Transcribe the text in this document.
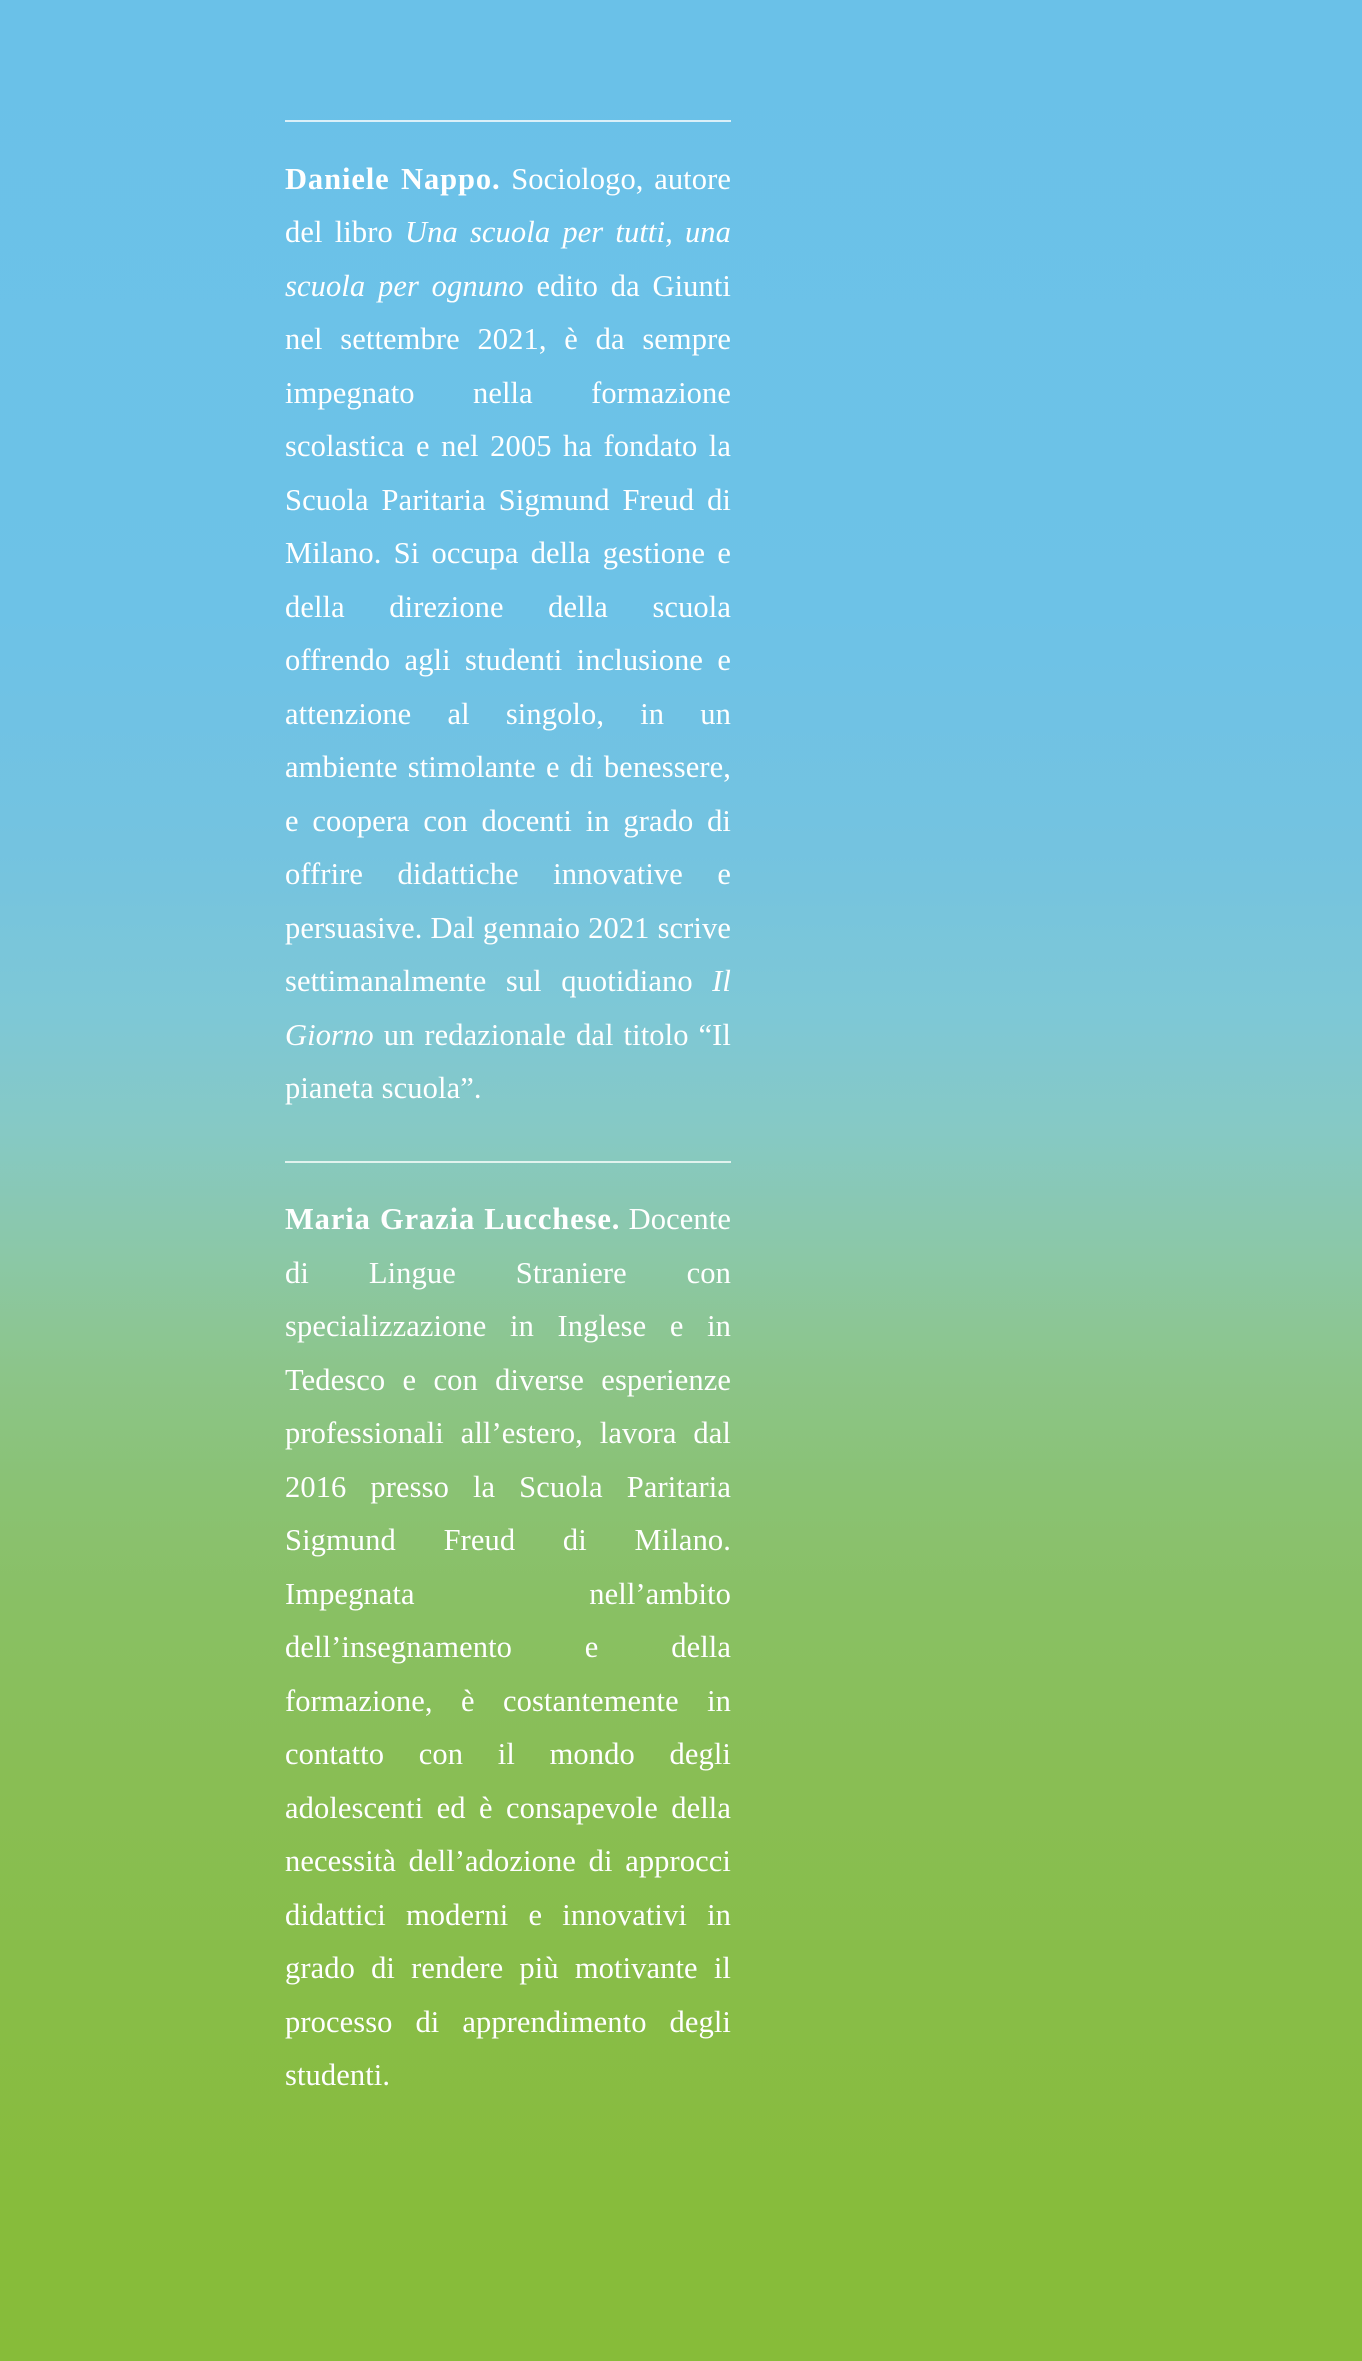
Daniele Nappo. Sociologo, autore del libro Una scuola per tutti, una scuola per ognuno edito da Giunti nel settembre 2021, è da sempre impegnato nella formazione scolastica e nel 2005 ha fondato la Scuola Paritaria Sigmund Freud di Milano. Si occupa della gestione e della direzione della scuola offrendo agli studenti inclusione e attenzione al singolo, in un ambiente stimolante e di benessere, e coopera con docenti in grado di offrire didattiche innovative e persuasive. Dal gennaio 2021 scrive settimanalmente sul quotidiano Il Giorno un redazionale dal titolo “Il pianeta scuola”.

Maria Grazia Lucchese. Docente di Lingue Straniere con specializzazione in Inglese e in Tedesco e con diverse esperienze professionali all’estero, lavora dal 2016 presso la Scuola Paritaria Sigmund Freud di Milano. Impegnata nell’ambito dell’insegnamento e della formazione, è costantemente in contatto con il mondo degli adolescenti ed è consapevole della necessità dell’adozione di approcci didattici moderni e innovativi in grado di rendere più motivante il processo di apprendimento degli studenti.
